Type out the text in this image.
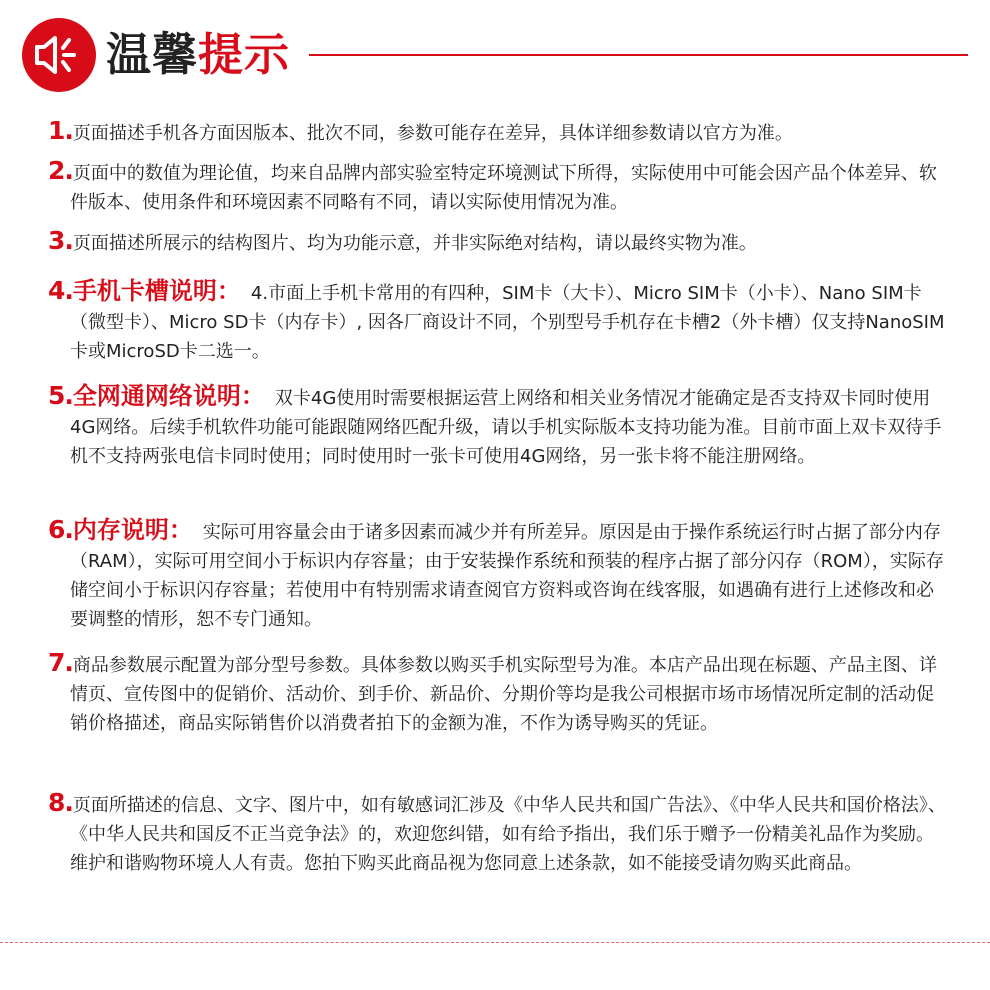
温馨提示

1.页面描述手机各方面因版本、批次不同，参数可能存在差异，具体详细参数请以官方为准。

2.页面中的数值为理论值，均来自品牌内部实验室特定环境测试下所得，实际使用中可能会因产品个体差异、软件版本、使用条件和环境因素不同略有不同，请以实际使用情况为准。

3.页面描述所展示的结构图片、均为功能示意，并非实际绝对结构，请以最终实物为准。

4.手机卡槽说明： 4.市面上手机卡常用的有四种，SIM卡（大卡）、Micro SIM卡（小卡）、Nano SIM卡（微型卡）、Micro SD卡（内存卡）, 因各厂商设计不同，个别型号手机存在卡槽2（外卡槽）仅支持NanoSIM卡或MicroSD卡二选一。

5.全网通网络说明： 双卡4G使用时需要根据运营上网络和相关业务情况才能确定是否支持双卡同时使用4G网络。后续手机软件功能可能跟随网络匹配升级，请以手机实际版本支持功能为准。目前市面上双卡双待手机不支持两张电信卡同时使用；同时使用时一张卡可使用4G网络，另一张卡将不能注册网络。

6.内存说明： 实际可用容量会由于诸多因素而减少并有所差异。原因是由于操作系统运行时占据了部分内存（RAM），实际可用空间小于标识内存容量；由于安装操作系统和预装的程序占据了部分闪存（ROM），实际存储空间小于标识闪存容量；若使用中有特别需求请查阅官方资料或咨询在线客服，如遇确有进行上述修改和必要调整的情形，恕不专门通知。

7.商品参数展示配置为部分型号参数。具体参数以购买手机实际型号为准。本店产品出现在标题、产品主图、详情页、宣传图中的促销价、活动价、到手价、新品价、分期价等均是我公司根据市场市场情况所定制的活动促销价格描述，商品实际销售价以消费者拍下的金额为准，不作为诱导购买的凭证。

8.页面所描述的信息、文字、图片中，如有敏感词汇涉及《中华人民共和国广告法》、《中华人民共和国价格法》、《中华人民共和国反不正当竞争法》的，欢迎您纠错，如有给予指出，我们乐于赠予一份精美礼品作为奖励。维护和谐购物环境人人有责。您拍下购买此商品视为您同意上述条款，如不能接受请勿购买此商品。
